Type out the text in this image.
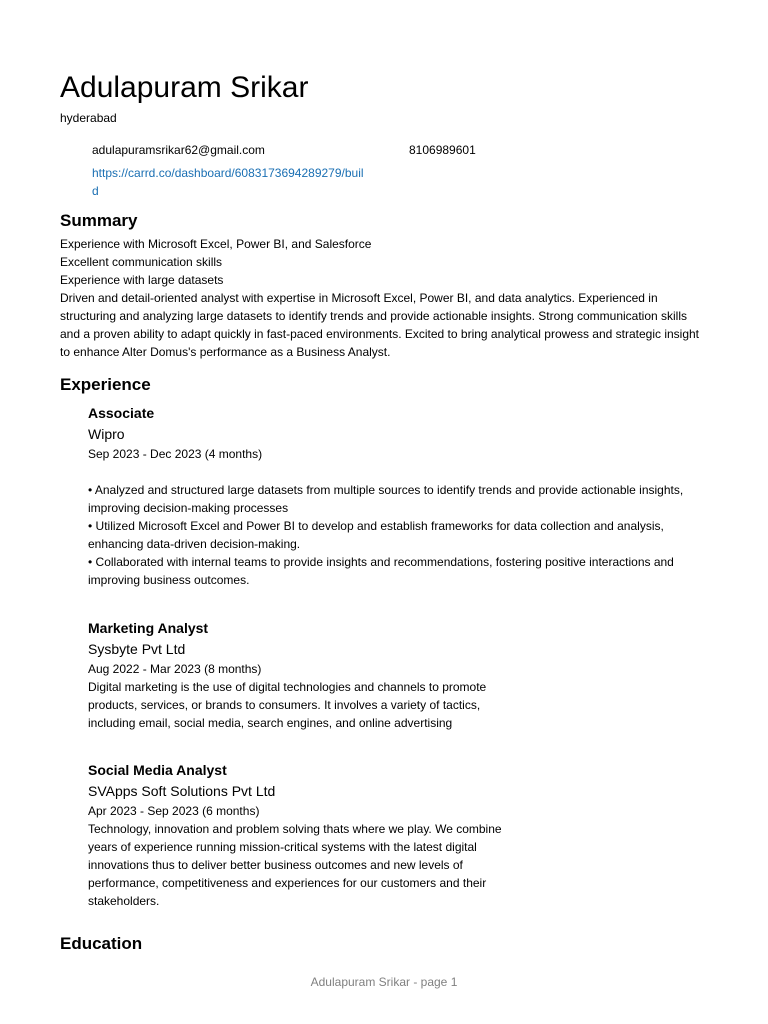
Adulapuram Srikar
hyderabad
adulapuramsrikar62@gmail.com	8106989601
https://carrd.co/dashboard/6083173694289279/build
Summary
Experience with Microsoft Excel, Power BI, and Salesforce
Excellent communication skills
Experience with large datasets

Driven and detail-oriented analyst with expertise in Microsoft Excel, Power BI, and data analytics. Experienced in structuring and analyzing large datasets to identify trends and provide actionable insights. Strong communication skills and a proven ability to adapt quickly in fast-paced environments. Excited to bring analytical prowess and strategic insight to enhance Alter Domus's performance as a Business Analyst.

Experience
Associate
Wipro
Sep 2023 - Dec 2023 (4 months)

• Analyzed and structured large datasets from multiple sources to identify trends and provide actionable insights, improving decision-making processes

• Utilized Microsoft Excel and Power BI to develop and establish frameworks for data collection and analysis, enhancing data-driven decision-making.

• Collaborated with internal teams to provide insights and recommendations, fostering positive interactions and improving business outcomes.

Marketing Analyst
Sysbyte Pvt Ltd
Aug 2022 - Mar 2023 (8 months)

Digital marketing is the use of digital technologies and channels to promote products, services, or brands to consumers. It involves a variety of tactics, including email, social media, search engines, and online advertising

Social Media Analyst
SVApps Soft Solutions Pvt Ltd
Apr 2023 - Sep 2023 (6 months)

Technology, innovation and problem solving thats where we play. We combine years of experience running mission-critical systems with the latest digital innovations thus to deliver better business outcomes and new levels of performance, competitiveness and experiences for our customers and their stakeholders.

Education
Adulapuram Srikar - page 1
